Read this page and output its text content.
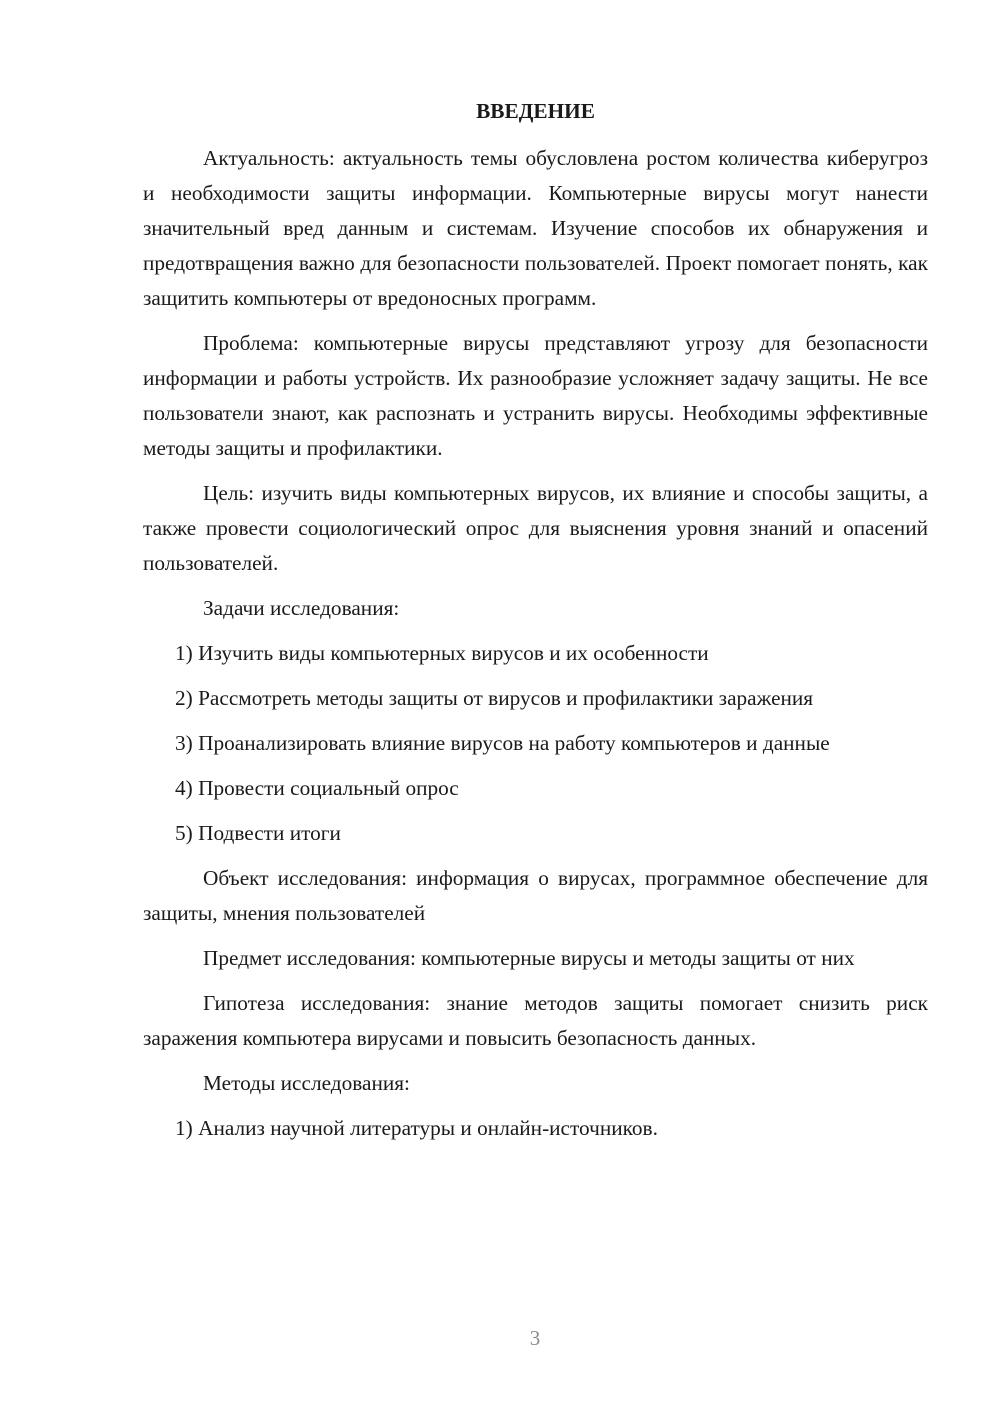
ВВЕДЕНИЕ

Актуальность: актуальность темы обусловлена ростом количества киберугроз и необходимости защиты информации. Компьютерные вирусы могут нанести значительный вред данным и системам. Изучение способов их обнаружения и предотвращения важно для безопасности пользователей. Проект помогает понять, как защитить компьютеры от вредоносных программ.

Проблема: компьютерные вирусы представляют угрозу для безопасности информации и работы устройств. Их разнообразие усложняет задачу защиты. Не все пользователи знают, как распознать и устранить вирусы. Необходимы эффективные методы защиты и профилактики.

Цель: изучить виды компьютерных вирусов, их влияние и способы защиты, а также провести социологический опрос для выяснения уровня знаний и опасений пользователей.

Задачи исследования:

1) Изучить виды компьютерных вирусов и их особенности

2) Рассмотреть методы защиты от вирусов и профилактики заражения

3) Проанализировать влияние вирусов на работу компьютеров и данные

4) Провести социальный опрос

5) Подвести итоги

Объект исследования: информация о вирусах, программное обеспечение для защиты, мнения пользователей

Предмет исследования: компьютерные вирусы и методы защиты от них

Гипотеза исследования: знание методов защиты помогает снизить риск заражения компьютера вирусами и повысить безопасность данных.

Методы исследования:

1) Анализ научной литературы и онлайн-источников.

3
